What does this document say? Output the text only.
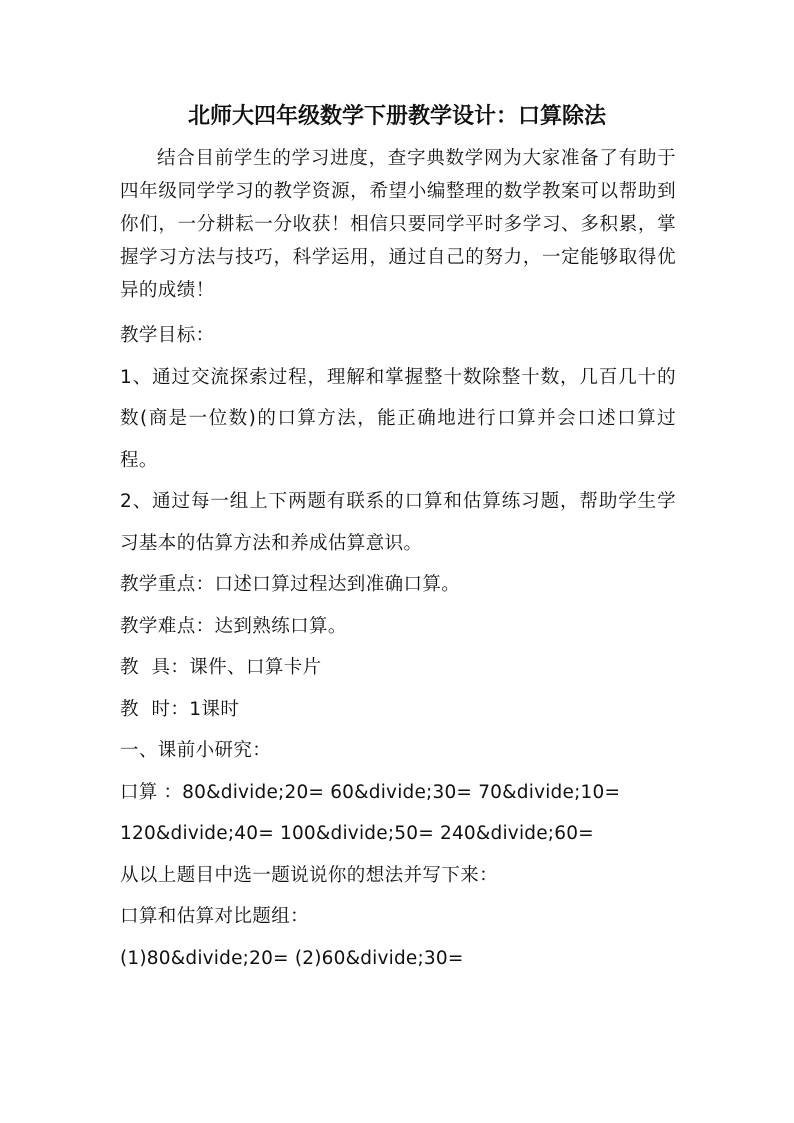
北师大四年级数学下册教学设计：口算除法

结合目前学生的学习进度，查字典数学网为大家准备了有助于四年级同学学习的教学资源，希望小编整理的数学教案可以帮助到你们，一分耕耘一分收获！相信只要同学平时多学习、多积累，掌握学习方法与技巧，科学运用，通过自己的努力，一定能够取得优异的成绩！

教学目标：

1、通过交流探索过程，理解和掌握整十数除整十数，几百几十的数(商是一位数)的口算方法，能正确地进行口算并会口述口算过程。

2、通过每一组上下两题有联系的口算和估算练习题，帮助学生学习基本的估算方法和养成估算意识。

教学重点：口述口算过程达到准确口算。

教学难点：达到熟练口算。

教  具：课件、口算卡片

教  时：1课时

一、课前小研究：

口算 ：80&divide;20= 60&divide;30= 70&divide;10=

120&divide;40= 100&divide;50= 240&divide;60=

从以上题目中选一题说说你的想法并写下来：

口算和估算对比题组：

(1)80&divide;20= (2)60&divide;30=
